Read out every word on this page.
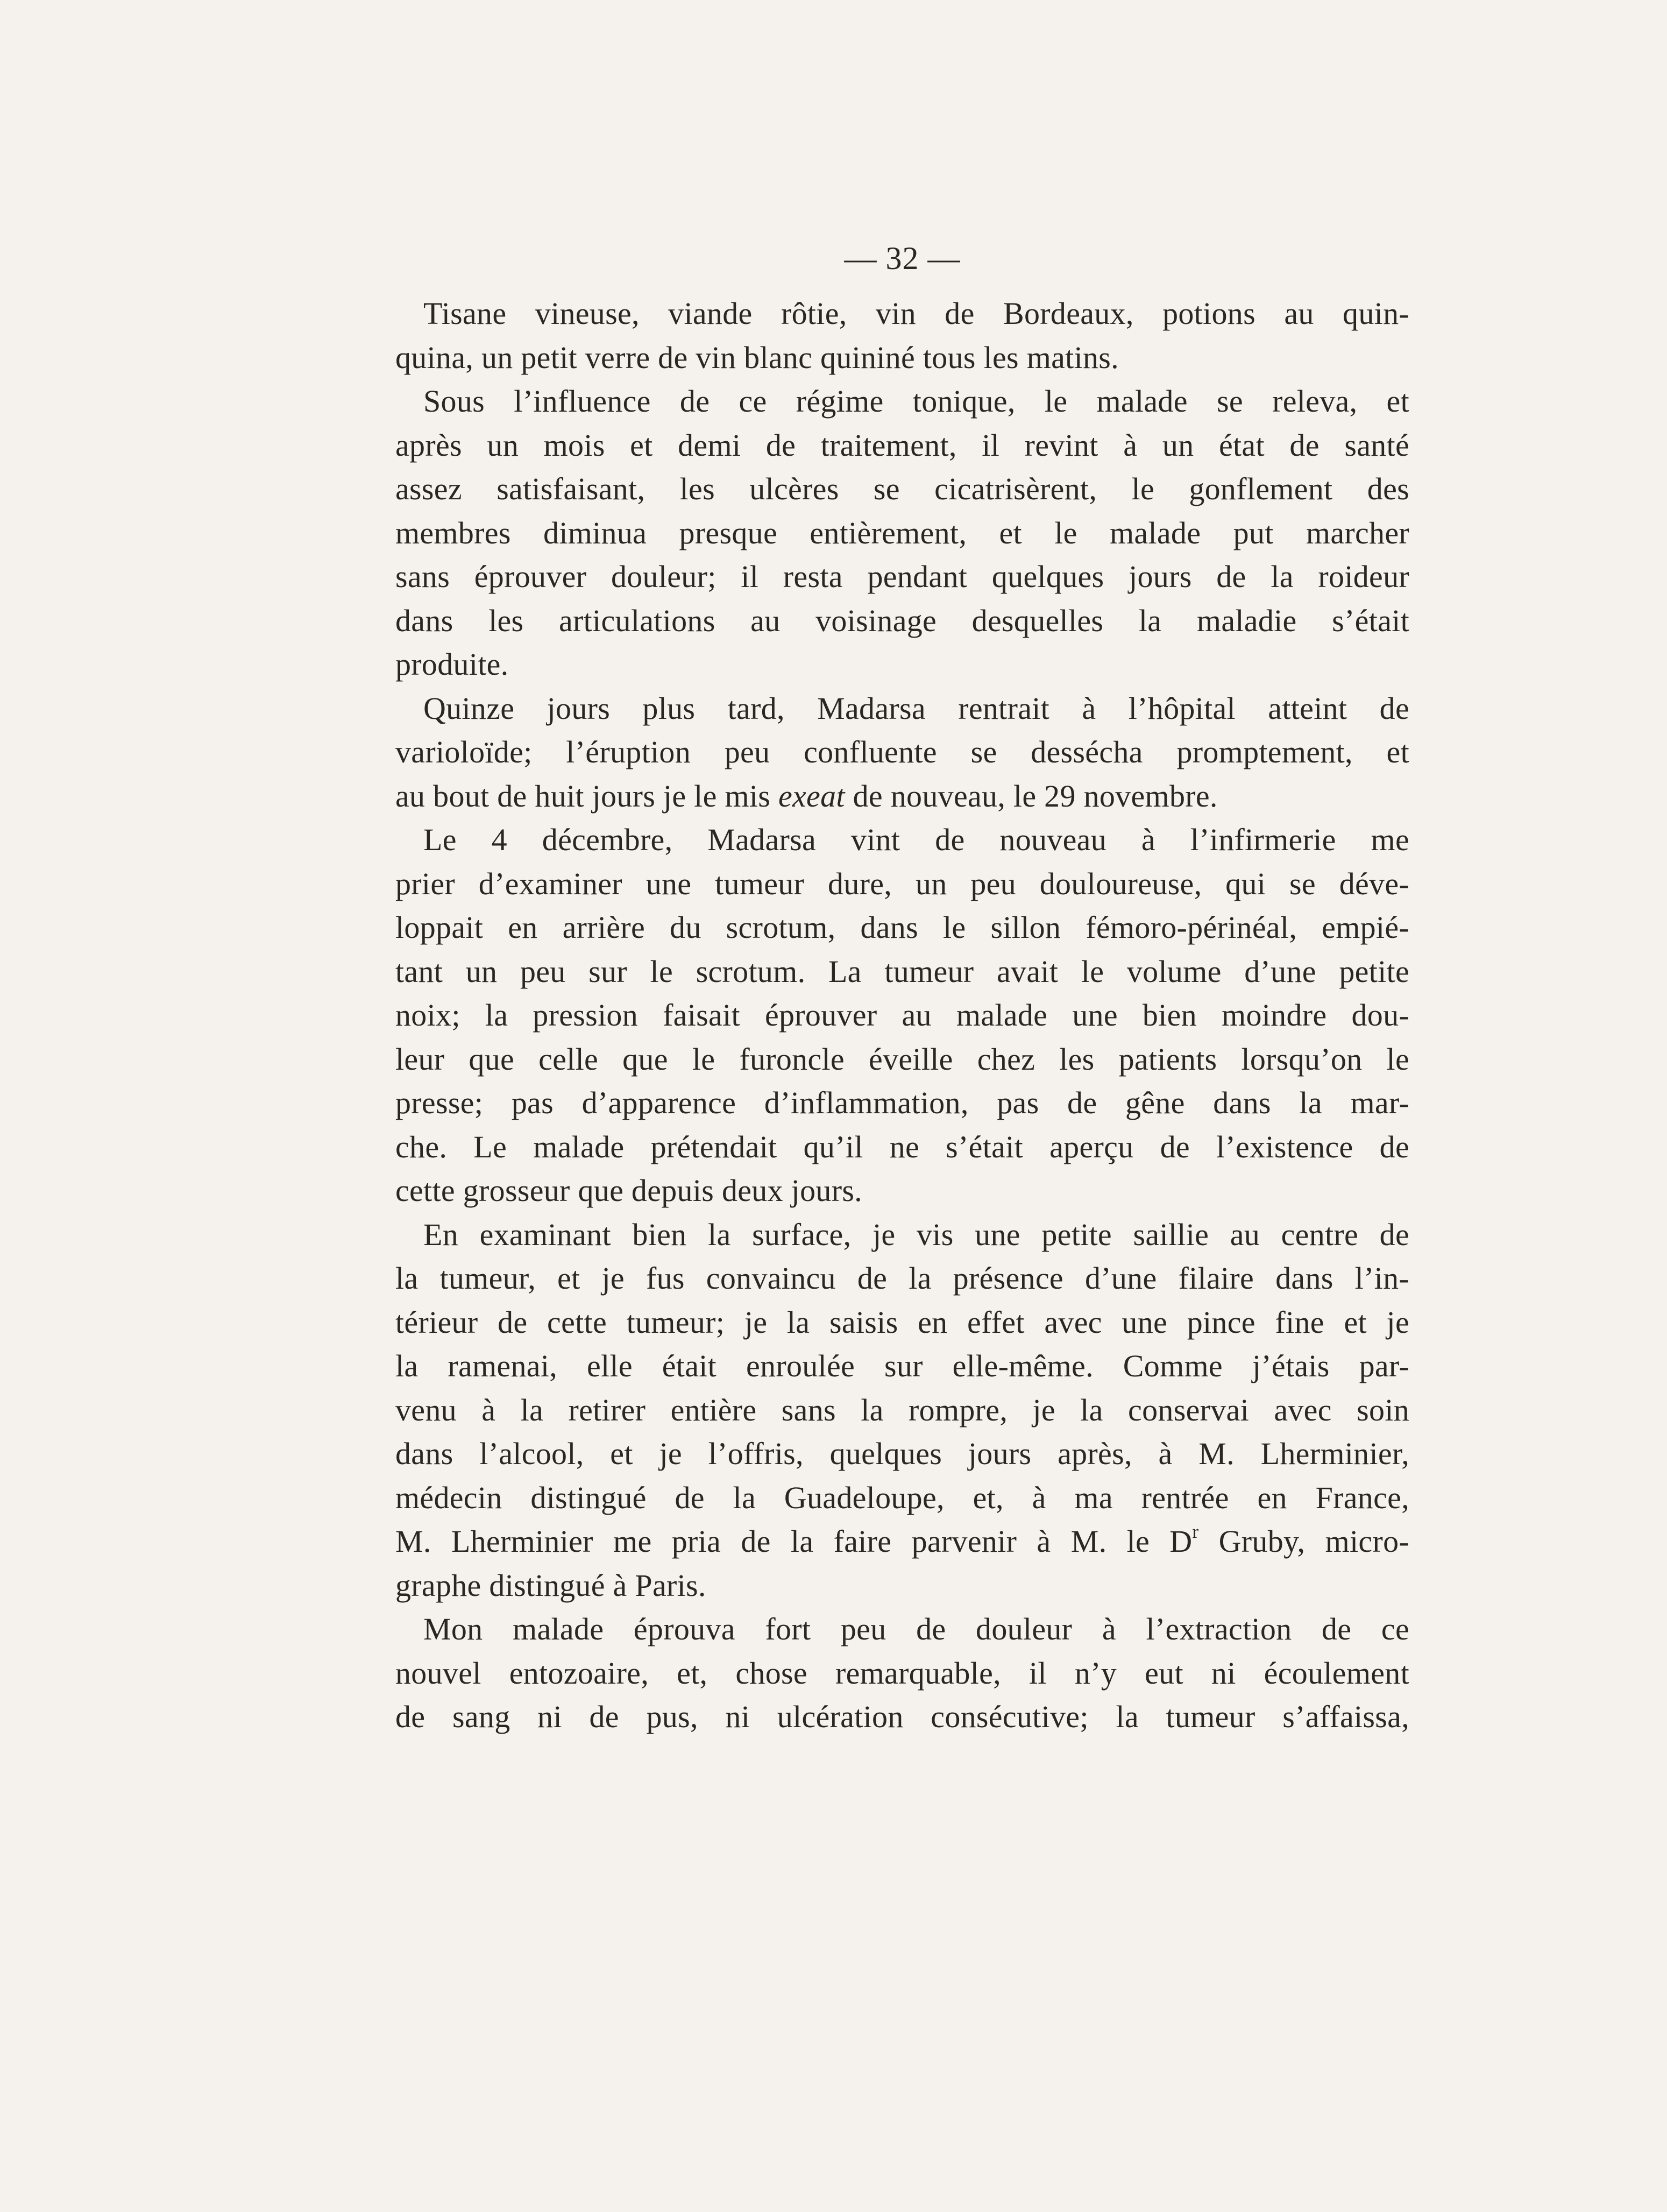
— 32 —

Tisane vineuse, viande rôtie, vin de Bordeaux, potions au quin-
quina, un petit verre de vin blanc quininé tous les matins.

Sous l’influence de ce régime tonique, le malade se releva, et
après un mois et demi de traitement, il revint à un état de santé
assez satisfaisant, les ulcères se cicatrisèrent, le gonflement des
membres diminua presque entièrement, et le malade put marcher
sans éprouver douleur; il resta pendant quelques jours de la roideur
dans les articulations au voisinage desquelles la maladie s’était
produite.

Quinze jours plus tard, Madarsa rentrait à l’hôpital atteint de
varioloïde; l’éruption peu confluente se dessécha promptement, et
au bout de huit jours je le mis exeat de nouveau, le 29 novembre.

Le 4 décembre, Madarsa vint de nouveau à l’infirmerie me
prier d’examiner une tumeur dure, un peu douloureuse, qui se déve-
loppait en arrière du scrotum, dans le sillon fémoro-périnéal, empié-
tant un peu sur le scrotum. La tumeur avait le volume d’une petite
noix; la pression faisait éprouver au malade une bien moindre dou-
leur que celle que le furoncle éveille chez les patients lorsqu’on le
presse; pas d’apparence d’inflammation, pas de gêne dans la mar-
che. Le malade prétendait qu’il ne s’était aperçu de l’existence de
cette grosseur que depuis deux jours.

En examinant bien la surface, je vis une petite saillie au centre de
la tumeur, et je fus convaincu de la présence d’une filaire dans l’in-
térieur de cette tumeur; je la saisis en effet avec une pince fine et je
la ramenai, elle était enroulée sur elle-même. Comme j’étais par-
venu à la retirer entière sans la rompre, je la conservai avec soin
dans l’alcool, et je l’offris, quelques jours après, à M. Lherminier,
médecin distingué de la Guadeloupe, et, à ma rentrée en France,
M. Lherminier me pria de la faire parvenir à M. le $D^r$ Gruby, micro-
graphe distingué à Paris.

Mon malade éprouva fort peu de douleur à l’extraction de ce
nouvel entozoaire, et, chose remarquable, il n’y eut ni écoulement
de sang ni de pus, ni ulcération consécutive; la tumeur s’affaissa,
